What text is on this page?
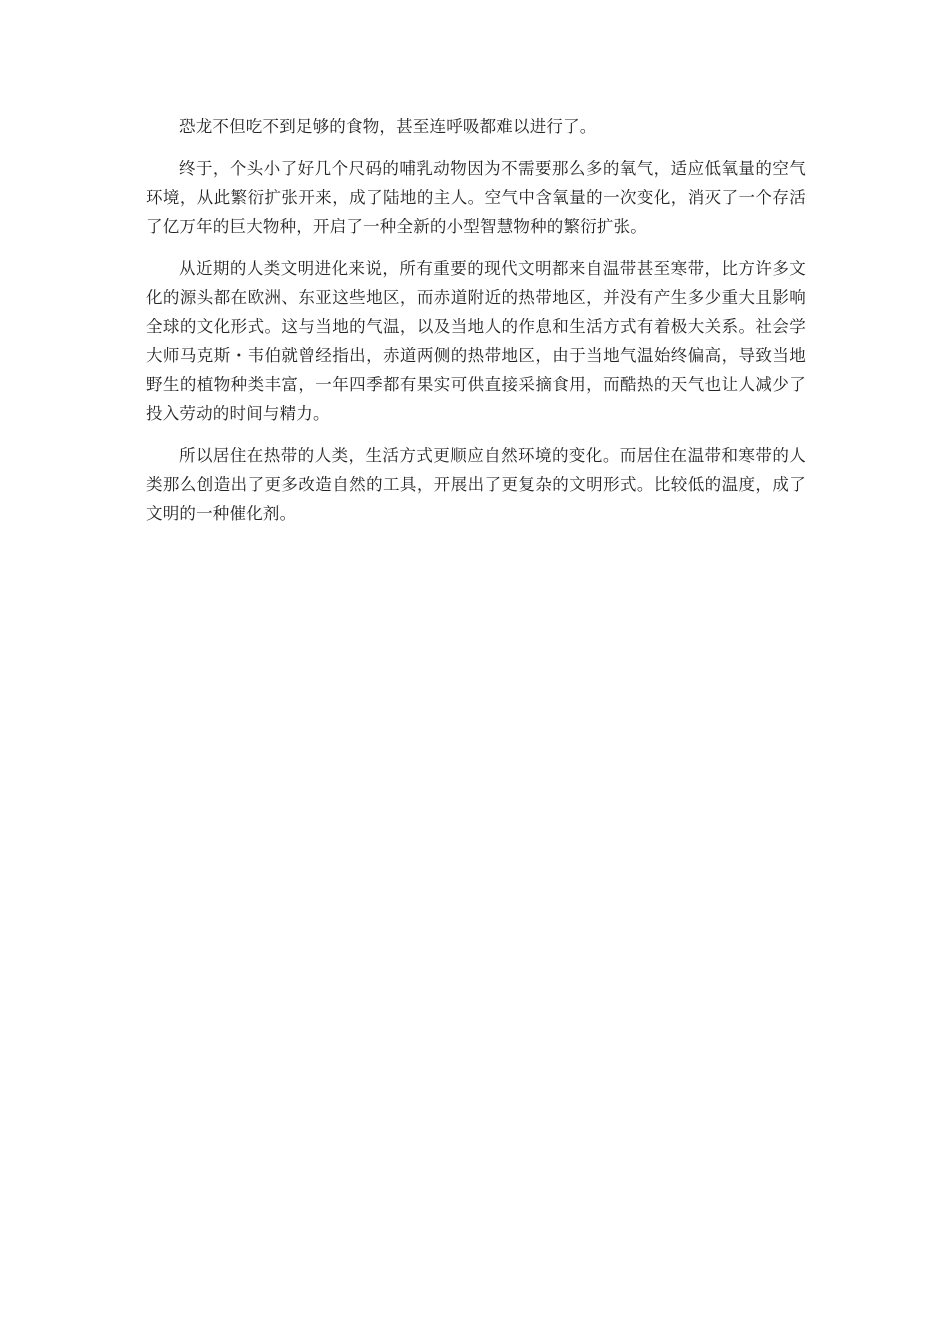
恐龙不但吃不到足够的食物，甚至连呼吸都难以进行了。

终于，个头小了好几个尺码的哺乳动物因为不需要那么多的氧气，适应低氧量的空气环境，从此繁衍扩张开来，成了陆地的主人。空气中含氧量的一次变化，消灭了一个存活了亿万年的巨大物种，开启了一种全新的小型智慧物种的繁衍扩张。

从近期的人类文明进化来说，所有重要的现代文明都来自温带甚至寒带，比方许多文化的源头都在欧洲、东亚这些地区，而赤道附近的热带地区，并没有产生多少重大且影响全球的文化形式。这与当地的气温，以及当地人的作息和生活方式有着极大关系。社会学大师马克斯・韦伯就曾经指出，赤道两侧的热带地区，由于当地气温始终偏高，导致当地野生的植物种类丰富，一年四季都有果实可供直接采摘食用，而酷热的天气也让人减少了投入劳动的时间与精力。

所以居住在热带的人类，生活方式更顺应自然环境的变化。而居住在温带和寒带的人类那么创造出了更多改造自然的工具，开展出了更复杂的文明形式。比较低的温度，成了文明的一种催化剂。
